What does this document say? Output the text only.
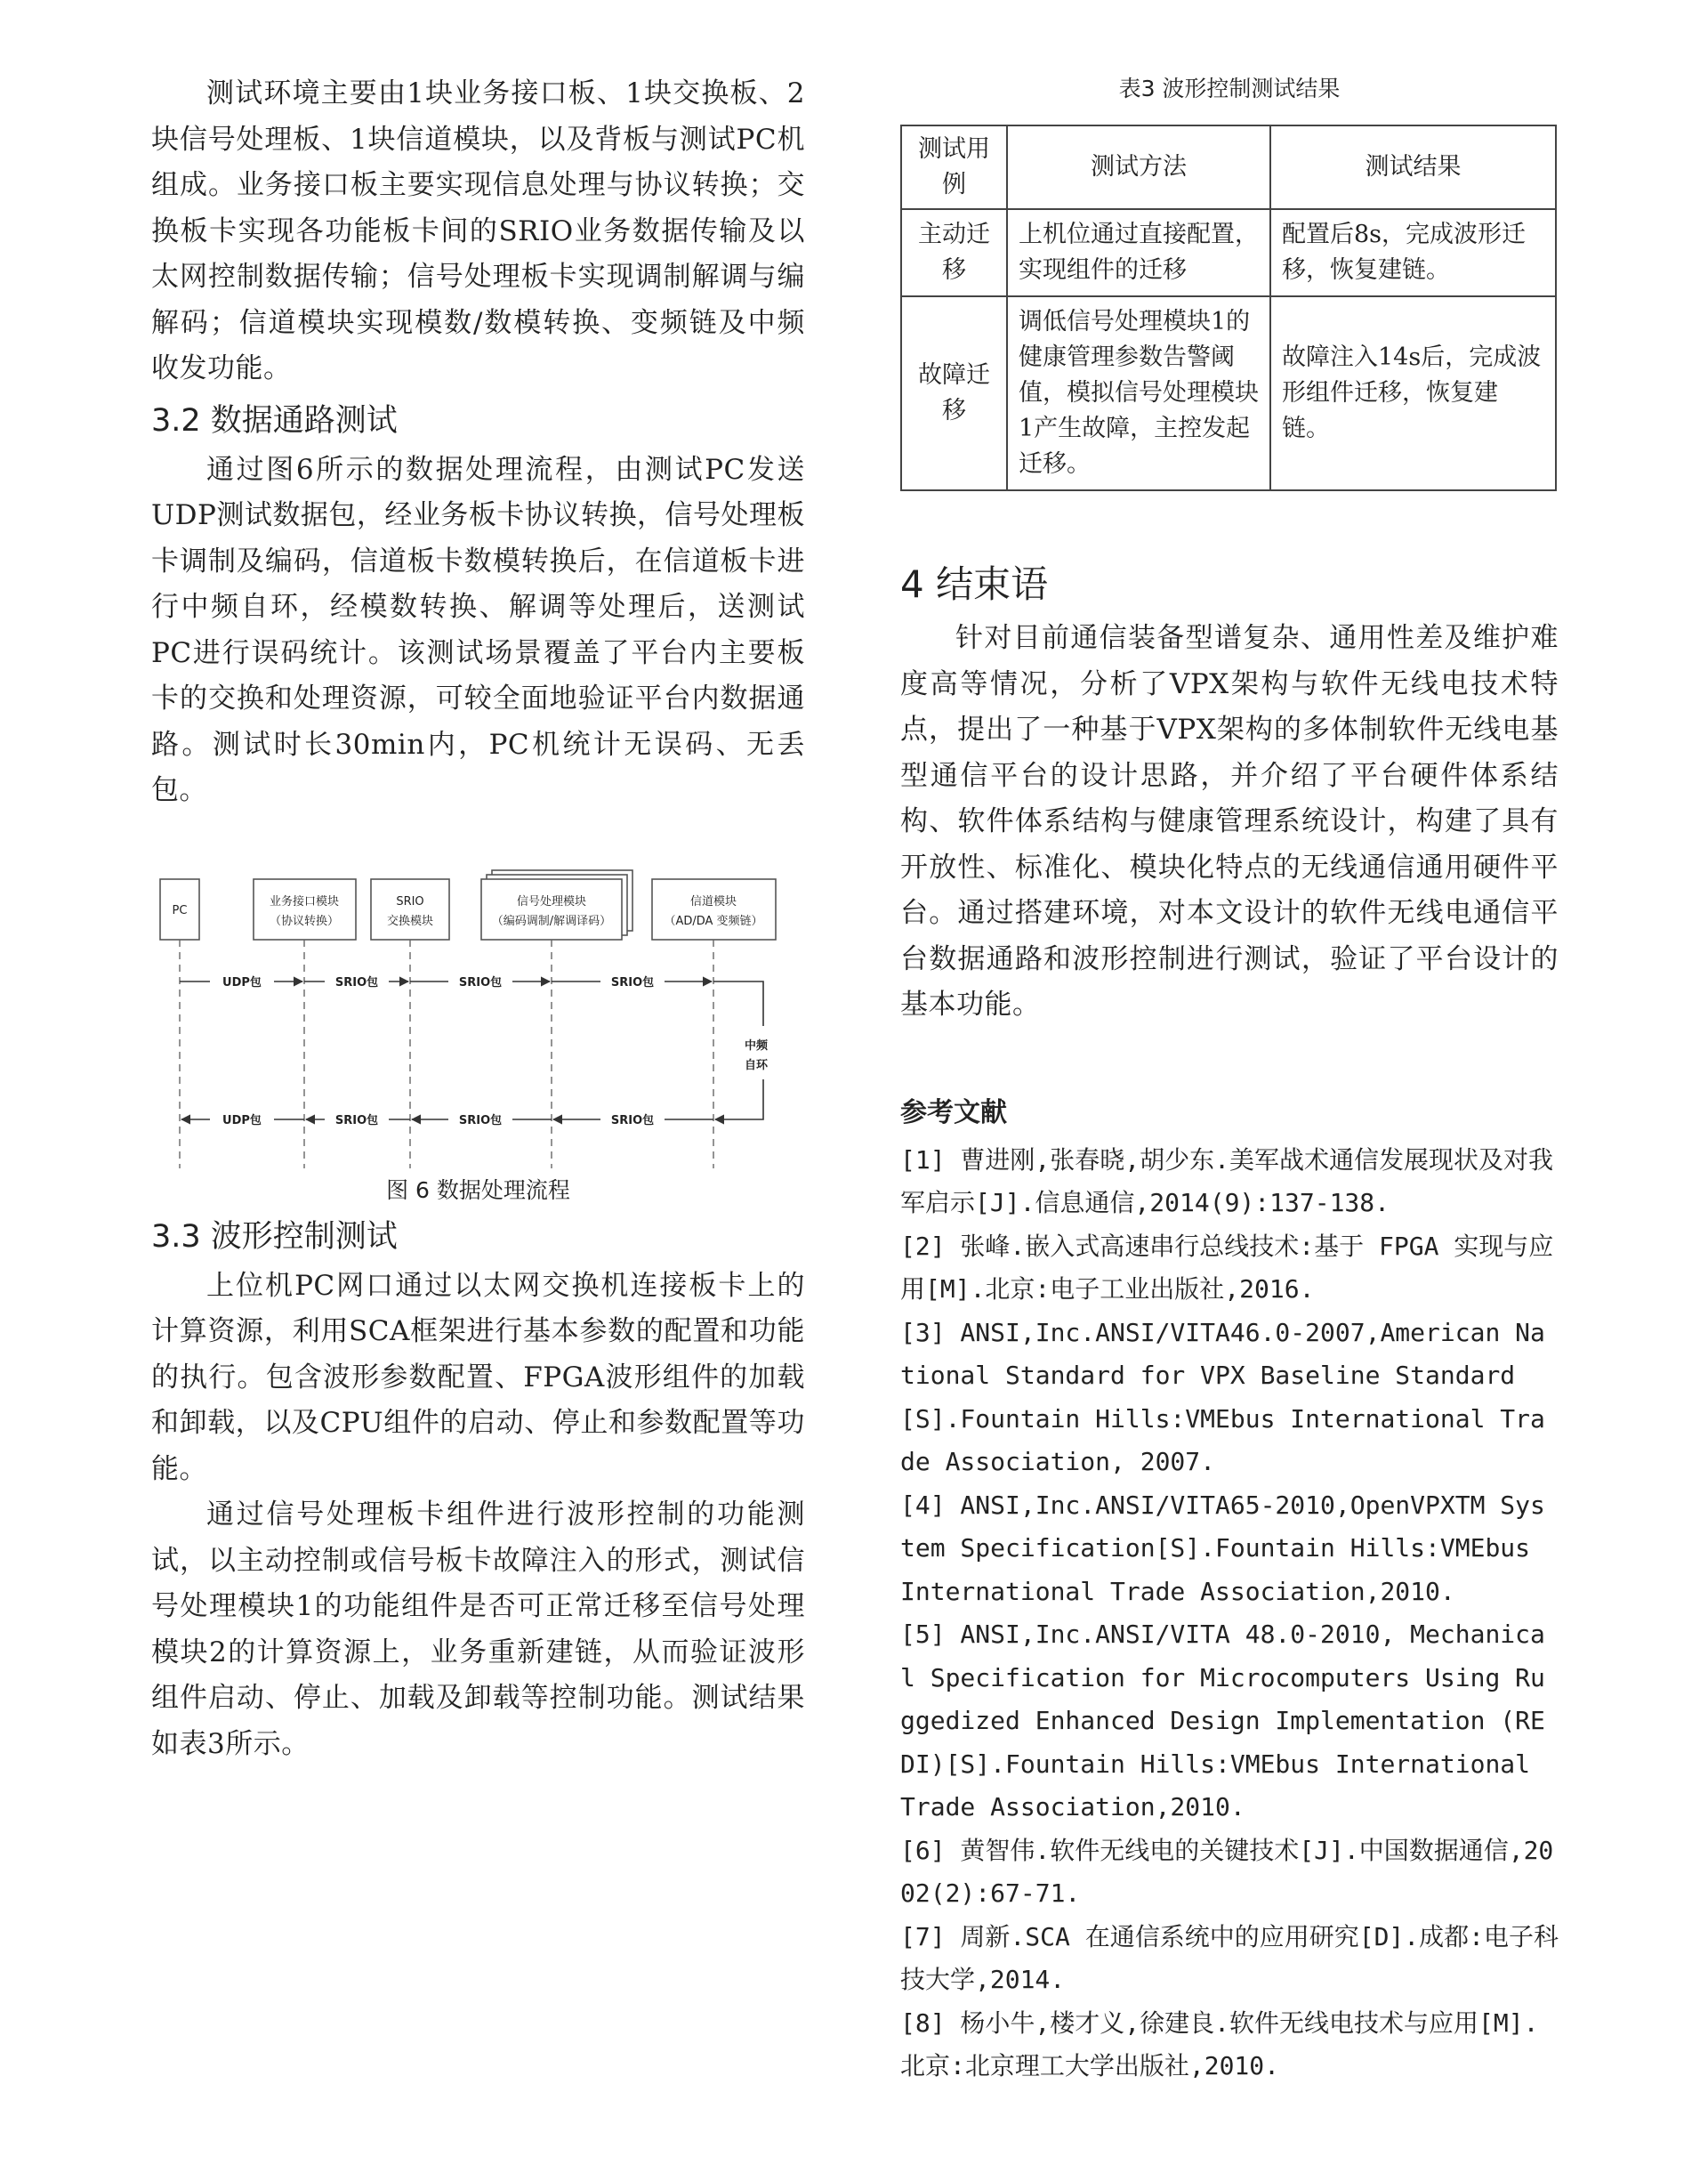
测试环境主要由1块业务接口板、1块交换板、2块信号处理板、1块信道模块，以及背板与测试PC机组成。业务接口板主要实现信息处理与协议转换；交换板卡实现各功能板卡间的SRIO业务数据传输及以太网控制数据传输；信号处理板卡实现调制解调与编解码；信道模块实现模数/数模转换、变频链及中频收发功能。

3.2 数据通路测试

通过图6所示的数据处理流程，由测试PC发送UDP测试数据包，经业务板卡协议转换，信号处理板卡调制及编码，信道板卡数模转换后，在信道板卡进行中频自环，经模数转换、解调等处理后，送测试PC进行误码统计。该测试场景覆盖了平台内主要板卡的交换和处理资源，可较全面地验证平台内数据通路。测试时长30min内，PC机统计无误码、无丢包。

PC
业务接口模块
（协议转换）
SRIO
交换模块
信号处理模块
（编码调制/解调译码）
信道模块
（AD/DA 变频链）
UDP包	SRIO包	SRIO包	SRIO包
中频
自环
UDP包	SRIO包	SRIO包	SRIO包

图 6 数据处理流程

3.3 波形控制测试

上位机PC网口通过以太网交换机连接板卡上的计算资源，利用SCA框架进行基本参数的配置和功能的执行。包含波形参数配置、FPGA波形组件的加载和卸载，以及CPU组件的启动、停止和参数配置等功能。

通过信号处理板卡组件进行波形控制的功能测试，以主动控制或信号板卡故障注入的形式，测试信号处理模块1的功能组件是否可正常迁移至信号处理模块2的计算资源上，业务重新建链，从而验证波形组件启动、停止、加载及卸载等控制功能。测试结果如表3所示。

表3 波形控制测试结果

测试用例	测试方法	测试结果
主动迁移	上机位通过直接配置，实现组件的迁移	配置后8s，完成波形迁移，恢复建链。
故障迁移	调低信号处理模块1的健康管理参数告警阈值，模拟信号处理模块1产生故障，主控发起迁移。	故障注入14s后，完成波形组件迁移，恢复建链。
4 结束语

针对目前通信装备型谱复杂、通用性差及维护难度高等情况，分析了VPX架构与软件无线电技术特点，提出了一种基于VPX架构的多体制软件无线电基型通信平台的设计思路，并介绍了平台硬件体系结构、软件体系结构与健康管理系统设计，构建了具有开放性、标准化、模块化特点的无线通信通用硬件平台。通过搭建环境，对本文设计的软件无线电通信平台数据通路和波形控制进行测试，验证了平台设计的基本功能。

参考文献

[1] 曹进刚,张春晓,胡少东.美军战术通信发展现状及对我军启示[J].信息通信,2014(9):137-138.

[2] 张峰.嵌入式高速串行总线技术:基于 FPGA 实现与应用[M].北京:电子工业出版社,2016.

[3] ANSI,Inc.ANSI/VITA46.0-2007,American National Standard for VPX Baseline Standard[S].Fountain Hills:VMEbus International Trade Association, 2007.

[4] ANSI,Inc.ANSI/VITA65-2010,OpenVPXTM System Specification[S].Fountain Hills:VMEbus International Trade Association,2010.

[5] ANSI,Inc.ANSI/VITA 48.0-2010, Mechanical Specification for Microcomputers Using Ruggedized Enhanced Design Implementation (REDI)[S].Fountain Hills:VMEbus International Trade Association,2010.

[6] 黄智伟.软件无线电的关键技术[J].中国数据通信,2002(2):67-71.

[7] 周新.SCA 在通信系统中的应用研究[D].成都:电子科技大学,2014.

[8] 杨小牛,楼才义,徐建良.软件无线电技术与应用[M].北京:北京理工大学出版社,2010.
